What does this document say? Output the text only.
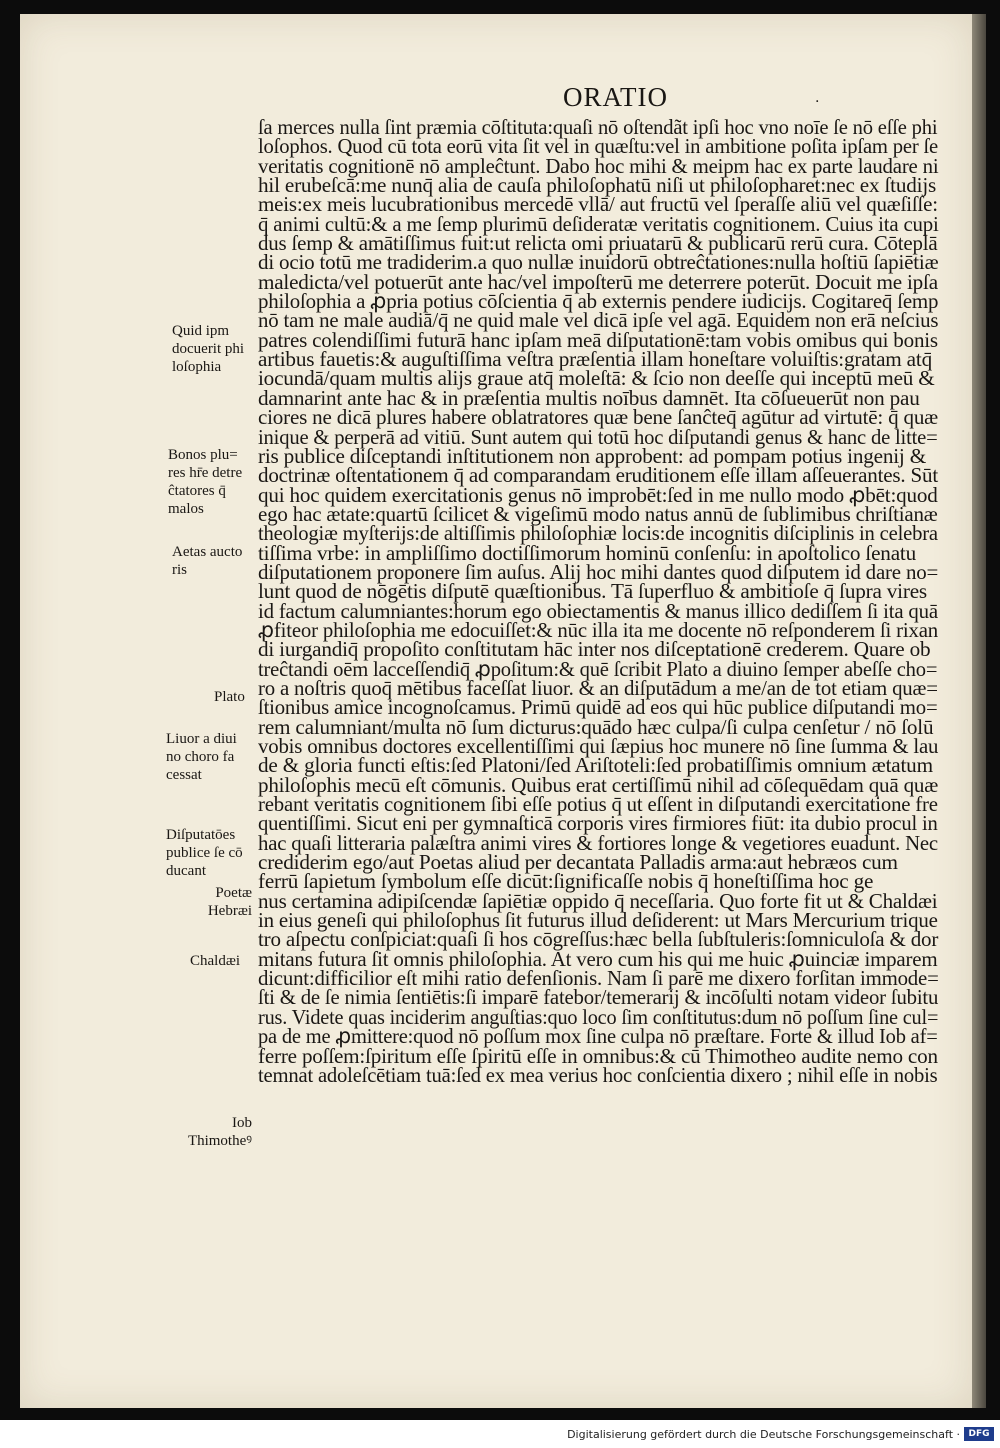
ORATIO	.
ſa merces nulla ſint præmia cōſtituta:quaſi nō oſtendãt ipſi hoc vno noīe ſe nō eſſe phi
loſophos. Quod cū tota eorū vita ſit vel in quæſtu:vel in ambitione poſita ipſam per ſe
veritatis cognitionē nō ampleĉtunt. Dabo hoc mihi & meipm hac ex parte laudare ni
hil erubeſcā:me nunq̄ alia de cauſa philoſophatū niſi ut philoſopharet:nec ex ſtudijs
meis:ex meis lucubrationibus mercedē vllā/ aut fructū vel ſperaſſe aliū vel quæſiſſe:
q̄ animi cultū:& a me ſemp plurimū deſideratæ veritatis cognitionem. Cuius ita cupi
dus ſemp & amātiſſimus fuit:ut relicta omi priuatarū & publicarū rerū cura. Cōteplā
di ocio totū me tradiderim.a quo nullæ inuidorū obtreĉtationes:nulla hoſtiū ſapiētiæ
maledicta/vel potuerūt ante hac/vel impoſterū me deterrere poterūt. Docuit me ipſa
philoſophia a ꝓpria potius cōſcientia q̄ ab externis pendere iudicijs. Cogitareq̄ ſemp
nō tam ne male audiā/q̄ ne quid male vel dicā ipſe vel agā. Equidem non erā neſcius
patres colendiſſimi futurā hanc ipſam meā diſputationē:tam vobis omibus qui bonis
artibus fauetis:& auguſtiſſima veſtra præſentia illam honeſtare voluiſtis:gratam atq̄
iocundā/quam multis alijs graue atq̄ moleſtā: & ſcio non deeſſe qui inceptū meū &
damnarint ante hac & in præſentia multis noībus damnēt. Ita cōſueuerūt non pau
ciores ne dicā plures habere oblatratores quæ bene ſanĉteq̄ agūtur ad virtutē: q̄ quæ
inique & perperā ad vitiū. Sunt autem qui totū hoc diſputandi genus & hanc de litte=
ris publice diſceptandi inſtitutionem non approbent: ad pompam potius ingenij &
doctrinæ oſtentationem q̄ ad comparandam eruditionem eſſe illam aſſeuerantes. Sūt
qui hoc quidem exercitationis genus nō improbēt:ſed in me nullo modo ꝓbēt:quod
ego hac ætate:quartū ſcilicet & vigeſimū modo natus annū de ſublimibus chriſtianæ
theologiæ myſterijs:de altiſſimis philoſophiæ locis:de incognitis diſciplinis in celebra
tiſſima vrbe: in ampliſſimo doctiſſimorum hominū conſenſu: in apoſtolico ſenatu
diſputationem proponere ſim auſus. Alij hoc mihi dantes quod diſputem id dare no=
lunt quod de nōgētis diſputē quæſtionibus. Tā ſuperfluo & ambitioſe q̄ ſupra vires
id factum calumniantes:horum ego obiectamentis & manus illico dediſſem ſi ita quā
ꝓfiteor philoſophia me edocuiſſet:& nūc illa ita me docente nō reſponderem ſi rixan
di iurgandiq̄ propoſito conſtitutam hāc inter nos diſceptationē crederem. Quare ob
treĉtandi oēm lacceſſendiq̄ ꝓpoſitum:& quē ſcribit Plato a diuino ſemper abeſſe cho=
ro a noſtris quoq̄ mētibus faceſſat liuor. & an diſputādum a me/an de tot etiam quæ=
ſtionibus amice incognoſcamus. Primū quidē ad eos qui hūc publice diſputandi mo=
rem calumniant/multa nō ſum dicturus:quādo hæc culpa/ſi culpa cenſetur / nō ſolū
vobis omnibus doctores excellentiſſimi qui ſæpius hoc munere nō ſine ſumma & lau
de & gloria functi eſtis:ſed Platoni/ſed Ariſtoteli:ſed probatiſſimis omnium ætatum
philoſophis mecū eſt cōmunis. Quibus erat certiſſimū nihil ad cōſequēdam quā quæ
rebant veritatis cognitionem ſibi eſſe potius q̄ ut eſſent in diſputandi exercitatione fre
quentiſſimi. Sicut eni per gymnaſticā corporis vires firmiores fiūt: ita dubio procul in
hac quaſi litteraria palæſtra animi vires & fortiores longe & vegetiores euadunt. Nec
crediderim ego/aut Poetas aliud per decantata Palladis arma:aut hebræos cum
ferrū ſapietum ſymbolum eſſe dicūt:ſignificaſſe nobis q̄ honeſtiſſima hoc ge
nus certamina adipiſcendæ ſapiētiæ oppido q̄ neceſſaria. Quo forte fit ut & Chaldæi
in eius geneſi qui philoſophus ſit futurus illud deſiderent: ut Mars Mercurium trique
tro aſpectu conſpiciat:quaſi ſi hos cōgreſſus:hæc bella ſubſtuleris:ſomniculoſa & dor
mitans futura ſit omnis philoſophia. At vero cum his qui me huic ꝓuinciæ imparem
dicunt:difficilior eſt mihi ratio defenſionis. Nam ſi parē me dixero forſitan immode=
ſti & de ſe nimia ſentiētis:ſi imparē fatebor/temerarij & incōſulti notam videor ſubitu
rus. Videte quas inciderim anguſtias:quo loco ſim conſtitutus:dum nō poſſum ſine cul=
pa de me ꝓmittere:quod nō poſſum mox ſine culpa nō præſtare. Forte & illud Iob af=
ferre poſſem:ſpiritum eſſe ſpiritū eſſe in omnibus:& cū Thimotheo audite nemo con
temnat adoleſcētiam tuā:ſed ex mea verius hoc conſcientia dixero ; nihil eſſe in nobis
Quid ipm
docuerit phi
loſophia
Bonos plu=
res hr̄e detre
ĉtatores q̄
malos
Aetas aucto
ris
Plato
Liuor a diui
no choro fa
cessat
Diſputatōes
publice ſe cō
ducant
Poetæ
Hebræi
Chaldæi
Iob
Thimotheꝰ
Digitalisierung gefördert durch die Deutsche Forschungsgemeinschaft · DFG
